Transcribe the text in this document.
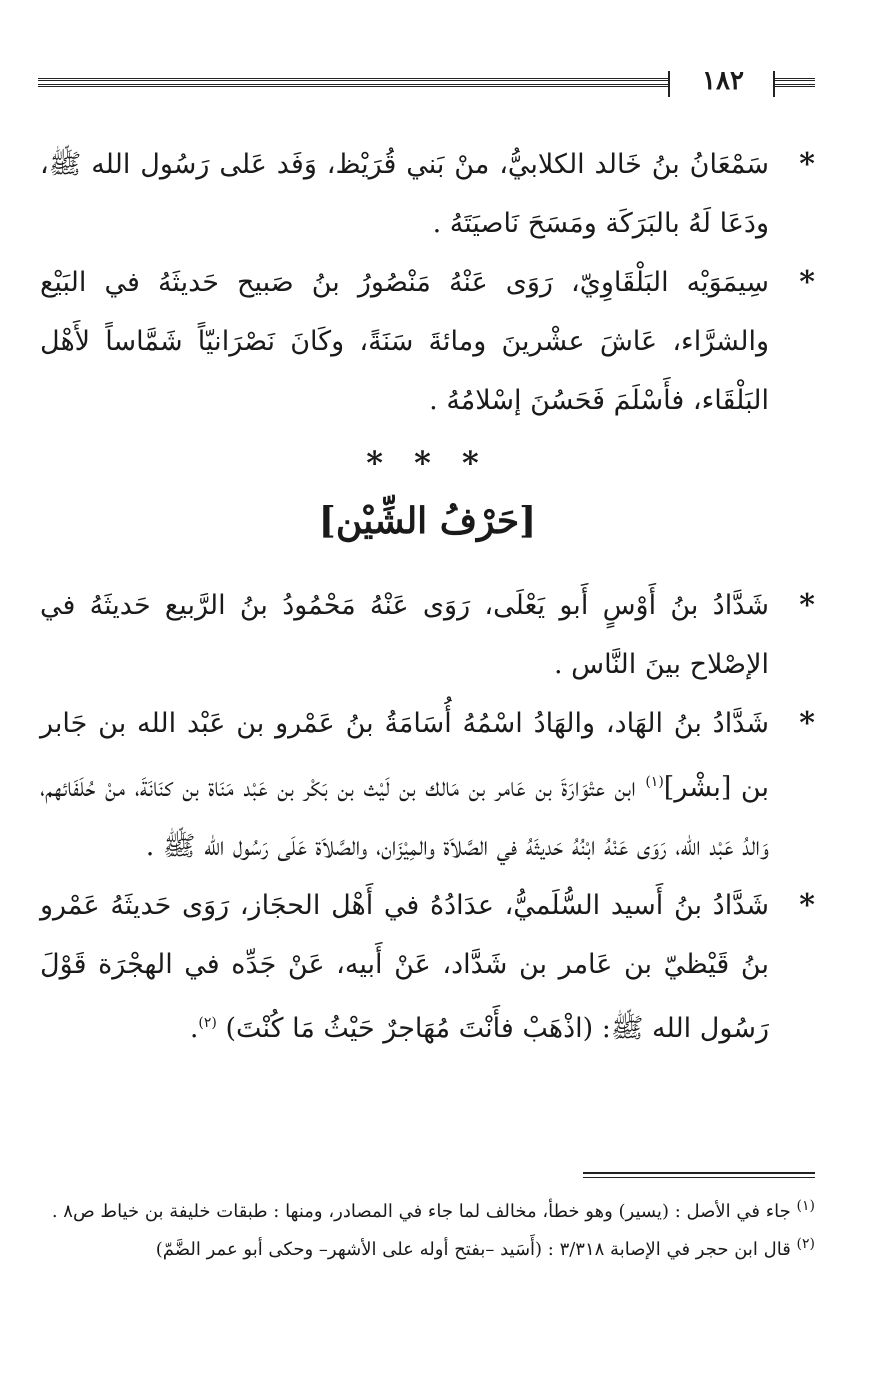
١٨٢
*
سَمْعَانُ بنُ خَالد الكلابيُّ، منْ بَني قُرَيْظ، وَفَد عَلى رَسُول الله ﷺ، ودَعَا لَهُ بالبَرَكَة ومَسَحَ نَاصيَتَهُ .
*
سِيمَوَيْه البَلْقَاوِيّ، رَوَى عَنْهُ مَنْصُورُ بنُ صَبيح حَديثَهُ في البَيْع والشرَّاء، عَاشَ عشْرينَ ومائةَ سَنَةً، وكَانَ نَصْرَانيّاً شَمَّاساً لأَهْل البَلْقَاء، فأَسْلَمَ فَحَسُنَ إسْلامُهُ .
* * *
[حَرْفُ الشِّيْن]
*
شَدَّادُ بنُ أَوْسٍ أَبو يَعْلَى، رَوَى عَنْهُ مَحْمُودُ بنُ الرَّبيع حَديثَهُ في الإصْلاح بينَ النَّاس .
*
شَدَّادُ بنُ الهَاد، والهَادُ اسْمُهُ أُسَامَةُ بنُ عَمْرو بن عَبْد الله بن جَابر بن [بشْر]$^{(١)}$ ابن عتْوَارَةَ بن عَامر بن مَالك بن لَيْث بن بَكْر بن عَبْد مَنَاة بن كنَانَةَ، منْ حُلَفَائهم، وَالدُ عَبْد الله، رَوَى عَنْهُ ابْنُهُ حَديثَهُ في الصَّلاَة والمِيْزَان، والصَّلاَة عَلَى رَسُول الله ﷺ .
*
شَدَّادُ بنُ أَسيد السُّلَميُّ، عدَادُهُ في أَهْل الحجَاز، رَوَى حَديثَهُ عَمْرو بنُ قَيْظيّ بن عَامر بن شَدَّاد، عَنْ أَبيه، عَنْ جَدِّه في الهجْرَة قَوْلَ رَسُول الله ﷺ: (اذْهَبْ فأَنْتَ مُهَاجرٌ حَيْثُ مَا كُنْتَ) $^{(٢)}$.
$^{(١)}$ جاء في الأصل : (يسير) وهو خطأ، مخالف لما جاء في المصادر، ومنها : طبقات خليفة بن خياط ص٨ .
$^{(٢)}$ قال ابن حجر في الإصابة ٣/٣١٨ : (أَسَيد –بفتح أوله على الأشهر– وحكى أبو عمر الضَّمّ)
